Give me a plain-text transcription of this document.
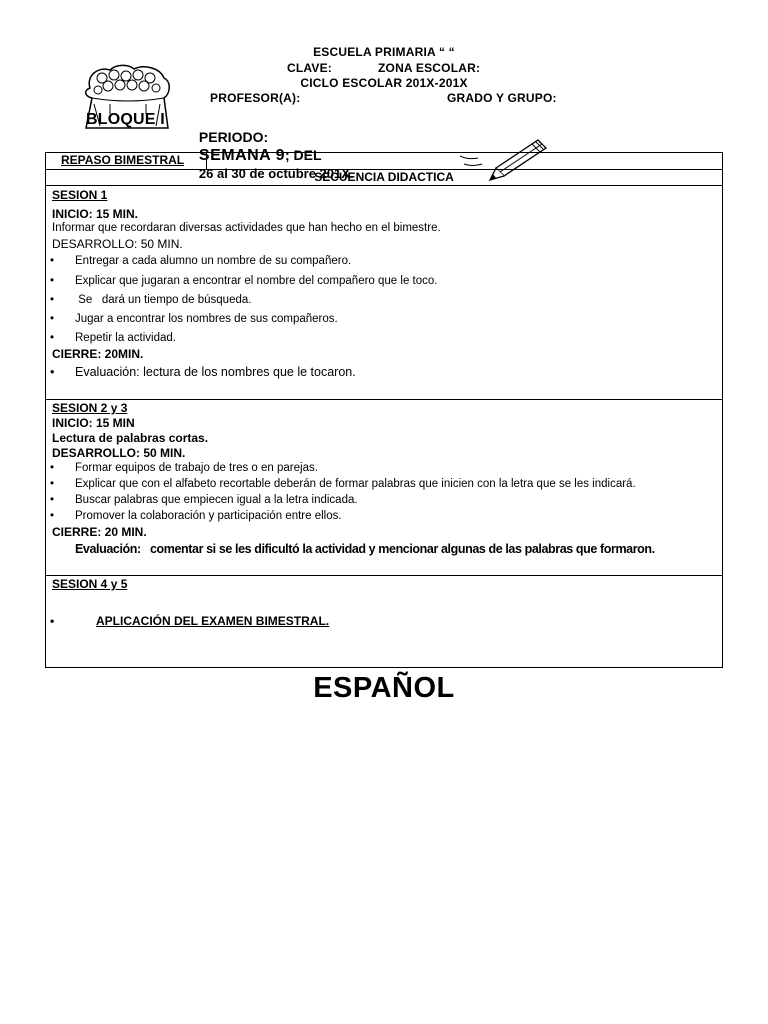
ESCUELA PRIMARIA “ “
CLAVE:	ZONA ESCOLAR:
CICLO ESCOLAR 201X-201X
PROFESOR(A):	GRADO Y GRUPO:
BLOQUE I

PERIODO:
SEMANA 9; DEL
26 al 30 de octubre 201X.

REPASO BIMESTRAL
SECUENCIA DIDACTICA
SESION 1
INICIO: 15 MIN.
Informar que recordaran diversas actividades que han hecho en el bimestre.
DESARROLLO: 50 MIN.
• Entregar a cada alumno un nombre de su compañero.
• Explicar que jugaran a encontrar el nombre del compañero que le toco.
• Se   dará un tiempo de búsqueda.
• Jugar a encontrar los nombres de sus compañeros.
• Repetir la actividad.
CIERRE: 20MIN.
• Evaluación: lectura de los nombres que le tocaron.
SESION 2 y 3
INICIO: 15 MIN
Lectura de palabras cortas.
DESARROLLO: 50 MIN.
• Formar equipos de trabajo de tres o en parejas.
• Explicar que con el alfabeto recortable deberán de formar palabras que inicien con la letra que se les indicará.
• Buscar palabras que empiecen igual a la letra indicada.
• Promover la colaboración y participación entre ellos.
CIERRE: 20 MIN.
Evaluación:   comentar si se les dificultó la actividad y mencionar algunas de las palabras que formaron.
SESION 4 y 5
•	APLICACIÓN DEL EXAMEN BIMESTRAL.
ESPAÑOL
